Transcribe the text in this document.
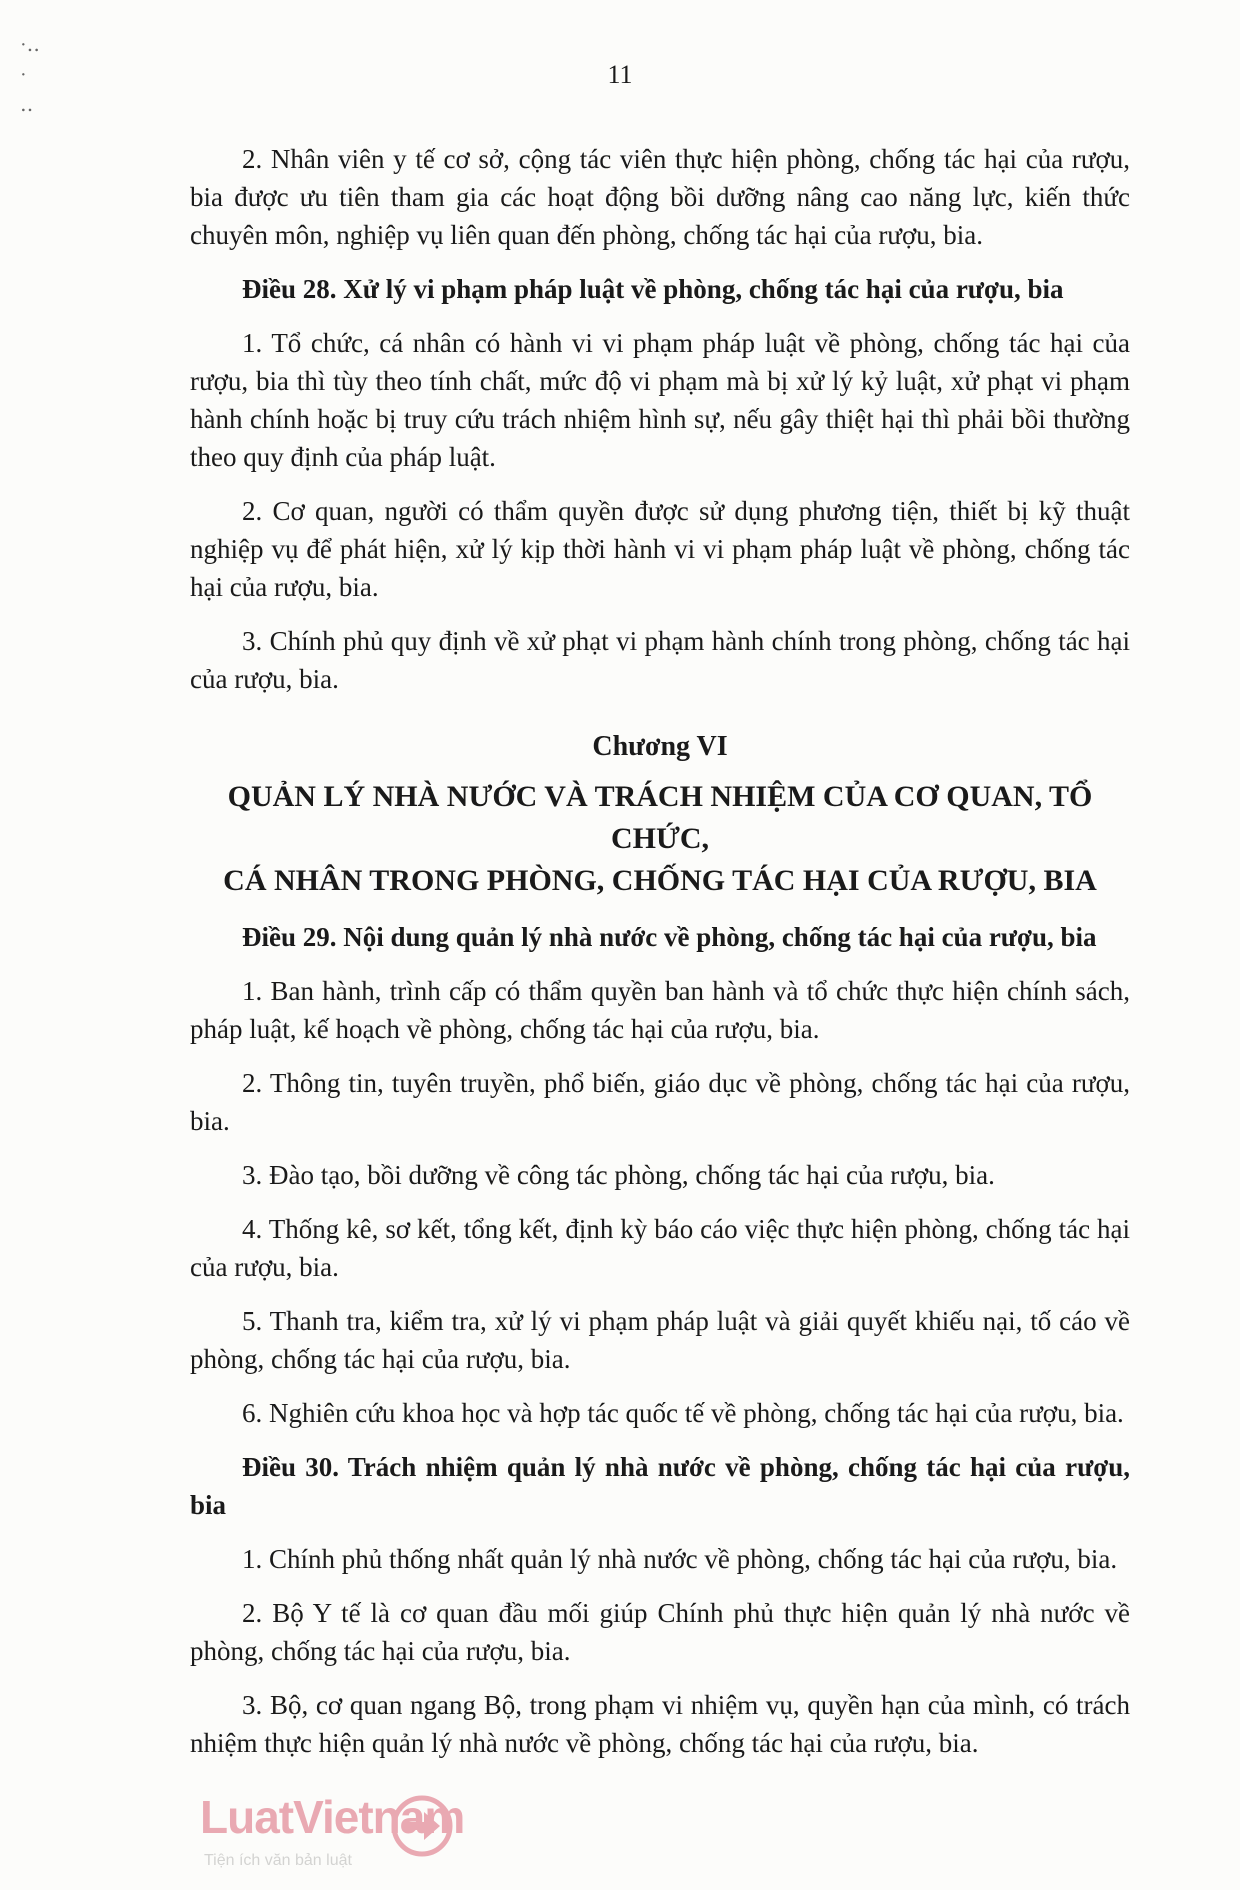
·‥
·
‥
11

2. Nhân viên y tế cơ sở, cộng tác viên thực hiện phòng, chống tác hại của rượu, bia được ưu tiên tham gia các hoạt động bồi dưỡng nâng cao năng lực, kiến thức chuyên môn, nghiệp vụ liên quan đến phòng, chống tác hại của rượu, bia.

Điều 28. Xử lý vi phạm pháp luật về phòng, chống tác hại của rượu, bia

1. Tổ chức, cá nhân có hành vi vi phạm pháp luật về phòng, chống tác hại của rượu, bia thì tùy theo tính chất, mức độ vi phạm mà bị xử lý kỷ luật, xử phạt vi phạm hành chính hoặc bị truy cứu trách nhiệm hình sự, nếu gây thiệt hại thì phải bồi thường theo quy định của pháp luật.

2. Cơ quan, người có thẩm quyền được sử dụng phương tiện, thiết bị kỹ thuật nghiệp vụ để phát hiện, xử lý kịp thời hành vi vi phạm pháp luật về phòng, chống tác hại của rượu, bia.

3. Chính phủ quy định về xử phạt vi phạm hành chính trong phòng, chống tác hại của rượu, bia.

Chương VI
QUẢN LÝ NHÀ NƯỚC VÀ TRÁCH NHIỆM CỦA CƠ QUAN, TỔ CHỨC,
CÁ NHÂN TRONG PHÒNG, CHỐNG TÁC HẠI CỦA RƯỢU, BIA

Điều 29. Nội dung quản lý nhà nước về phòng, chống tác hại của rượu, bia

1. Ban hành, trình cấp có thẩm quyền ban hành và tổ chức thực hiện chính sách, pháp luật, kế hoạch về phòng, chống tác hại của rượu, bia.

2. Thông tin, tuyên truyền, phổ biến, giáo dục về phòng, chống tác hại của rượu, bia.

3. Đào tạo, bồi dưỡng về công tác phòng, chống tác hại của rượu, bia.

4. Thống kê, sơ kết, tổng kết, định kỳ báo cáo việc thực hiện phòng, chống tác hại của rượu, bia.

5. Thanh tra, kiểm tra, xử lý vi phạm pháp luật và giải quyết khiếu nại, tố cáo về phòng, chống tác hại của rượu, bia.

6. Nghiên cứu khoa học và hợp tác quốc tế về phòng, chống tác hại của rượu, bia.

Điều 30. Trách nhiệm quản lý nhà nước về phòng, chống tác hại của rượu, bia

1. Chính phủ thống nhất quản lý nhà nước về phòng, chống tác hại của rượu, bia.

2. Bộ Y tế là cơ quan đầu mối giúp Chính phủ thực hiện quản lý nhà nước về phòng, chống tác hại của rượu, bia.

3. Bộ, cơ quan ngang Bộ, trong phạm vi nhiệm vụ, quyền hạn của mình, có trách nhiệm thực hiện quản lý nhà nước về phòng, chống tác hại của rượu, bia.

LuatVietnam
Tiện ích văn bản luật
